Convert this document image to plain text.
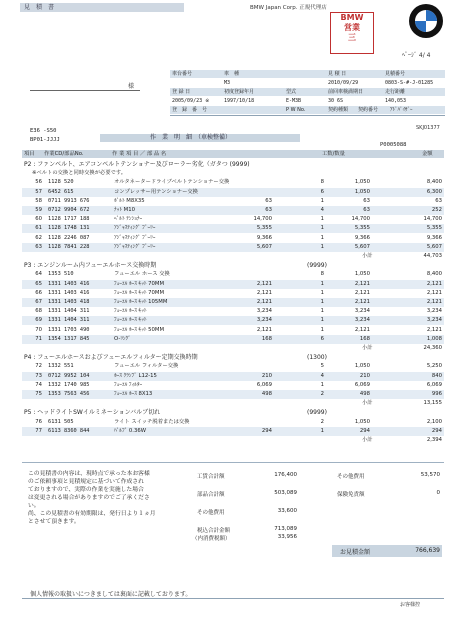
見　積　書	BMW Japan Corp. 正規代理店
BMW
営業
三
ﾍﾟｰｼﾞ 4/ 4
様
車台番号	車　種	見 積 日	見積番号
M3	2010/09/29	0803-S-#-J-01285
登 録 日	初度登録年月	型式	前回車検満期日	走行距離
2005/09/23 ※	1997/10/18	E-M3B	30 6S	140,053
登　録　番　号	P W No.	契約種類	契約番号	ｱﾄﾞﾊﾞｲｻﾞｰ
SKJ01377
E36 -S50
BP01-JJJJ	作　業　明　細　（車検整備）
P0005088
項目 作業CD/部品No.	作 業 項 目 ／ 部 品 名	工数/数量	金額
P2 : ファンベルト、エアコンベルトテンショナー及びローラー劣化（ガタつ (9999)
※ベルトの交換と同時交換が必要です。
56 1128 520	オルタネータードライブベルトテンショナー交換	8	1,050	8,400
57 6452 615	コンプレッサー用テンショナー交換	6	1,050	6,300
58 0711 9913 676	ﾎﾞﾙﾄ M8X35	63	1	63	63
59 0712 9904 672	ﾅｯﾄ M10	63	4	63	252
60 1128 1717 188	ﾍﾞﾙﾄ ﾃﾝｼｮﾅｰ	14,700	1	14,700	14,700
61 1128 1748 131	ｱｼﾞｬｽﾃｨﾝｸﾞ ﾌﾟｰﾘｰ	5,355	1	5,355	5,355
62 1128 2246 087	ｱｼﾞｬｽﾃｨﾝｸﾞ ﾌﾟｰﾘｰ	9,366	1	9,366	9,366
63 1128 7841 228	ｱｼﾞｬｽﾃｨﾝｸﾞ ﾌﾟｰﾘｰ	5,607	1	5,607	5,607
小計	44,703
P3 : エンジンルーム内フューエルホース交換時期	(9999)
64 1353 510	フューエル ホース 交換	8	1,050	8,400
65 1331 1403 416	ﾌｭｰｴﾙ ﾎｰｽ ｷｯﾄ 70MM	2,121	1	2,121	2,121
66 1331 1403 416	ﾌｭｰｴﾙ ﾎｰｽ ｷｯﾄ 70MM	2,121	1	2,121	2,121
67 1331 1403 418	ﾌｭｰｴﾙ ﾎｰｽ ｷｯﾄ 105MM	2,121	1	2,121	2,121
68 1331 1404 311	ﾌｭｰｴﾙ ﾎｰｽ ｷｯﾄ	3,234	1	3,234	3,234
69 1331 1404 311	ﾌｭｰｴﾙ ﾎｰｽ ｷｯﾄ	3,234	1	3,234	3,234
70 1331 1703 490	ﾌｭｰｴﾙ ﾎｰｽ ｷｯﾄ 50MM	2,121	1	2,121	2,121
71 1354 1317 845	O-ﾘﾝｸﾞ	168	6	168	1,008
小計	24,360
P4 : フューエルホースおよびフューエルフィルター定期交換時期	(1300)
72 1332 551	フューエル フィルター交換	5	1,050	5,250
73 0712 9952 104	ﾎｰｽ ｸﾗﾝﾌﾟ L12-15	210	4	210	840
74 1332 1740 985	ﾌｭｰｴﾙ ﾌｨﾙﾀｰ	6,069	1	6,069	6,069
75 1353 7563 456	ﾌｭｰｴﾙ ﾎｰｽ 8X13	498	2	498	996
小計	13,155
P5 : ヘッドライトSWイルミネーションバルブ切れ	(9999)
76 6131 505	ライト スイッチ脱着または交換	2	1,050	2,100
77 6113 8360 844	ﾊﾞﾙﾌﾞ 0.36W	294	1	294	294
小計	2,394
この見積書の内容は、現時点で承った本お客様
のご依頼事項と見積規定に基づいて作成され
ておりますので、実際の作業を実施した場合
は変更される場合がありますのでご了承くださ
い。
尚、この見積書の有効期限は、発行日より１ヵ月
とさせて頂きます。
工賃合計額	176,400
部品合計額	503,089
その他費用	33,600
税込合計金額	713,089
（内消費税額）	33,956
その他費用	53,570
保険免責額	0
お見積金額	766,639
個人情報の取扱いにつきましては裏面に記載しております。
お客様控
